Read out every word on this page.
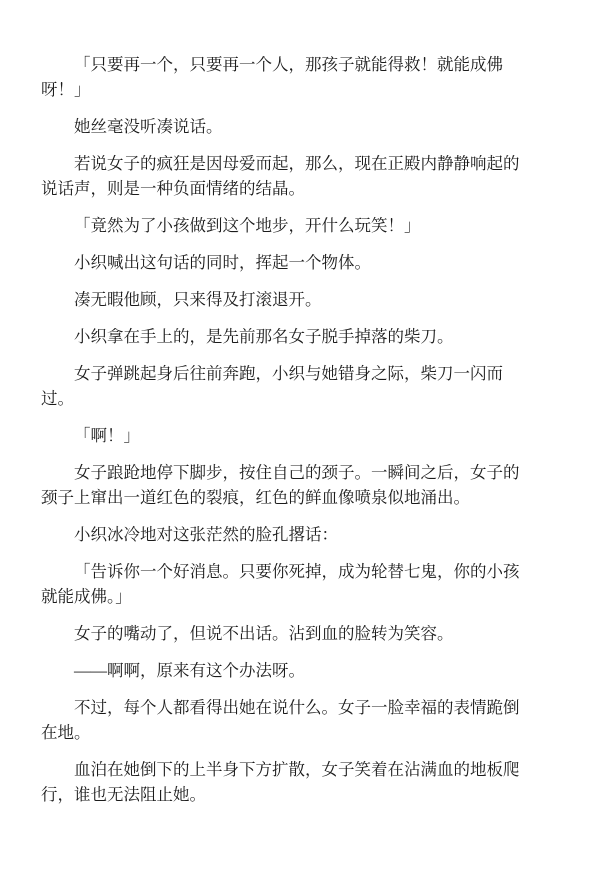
「只要再一个，只要再一个人，那孩子就能得救！就能成佛呀！」

她丝毫没听凑说话。

若说女子的疯狂是因母爱而起，那么，现在正殿内静静响起的说话声，则是一种负面情绪的结晶。

「竟然为了小孩做到这个地步，开什么玩笑！」

小织喊出这句话的同时，挥起一个物体。

凑无暇他顾，只来得及打滚退开。

小织拿在手上的，是先前那名女子脱手掉落的柴刀。

女子弹跳起身后往前奔跑，小织与她错身之际，柴刀一闪而过。

「啊！」

女子踉跄地停下脚步，按住自己的颈子。一瞬间之后，女子的颈子上窜出一道红色的裂痕，红色的鲜血像喷泉似地涌出。

小织冰冷地对这张茫然的脸孔撂话：

「告诉你一个好消息。只要你死掉，成为轮替七鬼，你的小孩就能成佛。」

女子的嘴动了，但说不出话。沾到血的脸转为笑容。

——啊啊，原来有这个办法呀。

不过，每个人都看得出她在说什么。女子一脸幸福的表情跪倒在地。

血泊在她倒下的上半身下方扩散，女子笑着在沾满血的地板爬行，谁也无法阻止她。
